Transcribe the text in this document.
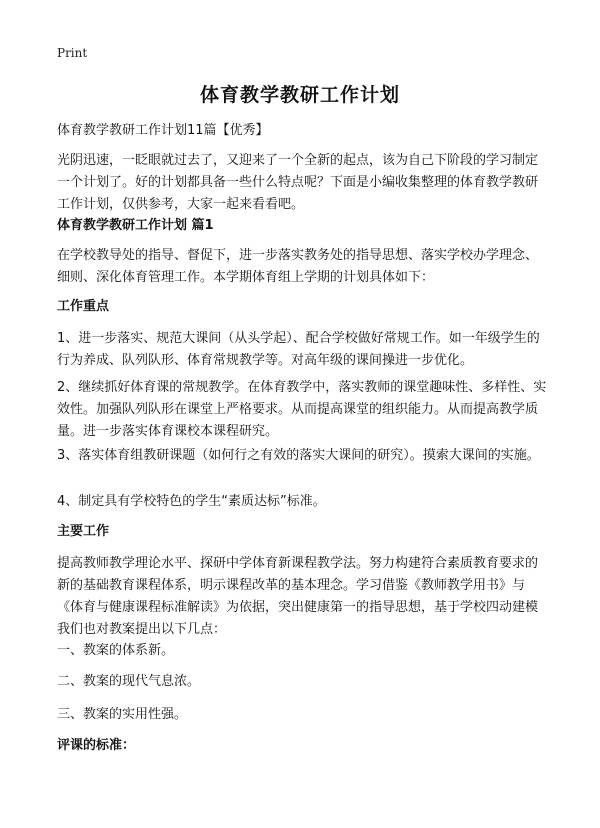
Print
体育教学教研工作计划
体育教学教研工作计划11篇【优秀】
光阴迅速，一眨眼就过去了，又迎来了一个全新的起点，该为自己下阶段的学习制定一个计划了。好的计划都具备一些什么特点呢？下面是小编收集整理的体育教学教研工作计划，仅供参考，大家一起来看看吧。
体育教学教研工作计划 篇1
在学校教导处的指导、督促下，进一步落实教务处的指导思想、落实学校办学理念、细则、深化体育管理工作。本学期体育组上学期的计划具体如下：
工作重点
1、进一步落实、规范大课间（从头学起）、配合学校做好常规工作。如一年级学生的行为养成、队列队形、体育常规教学等。对高年级的课间操进一步优化。
2、继续抓好体育课的常规教学。在体育教学中，落实教师的课堂趣味性、多样性、实效性。加强队列队形在课堂上严格要求。从而提高课堂的组织能力。从而提高教学质量。进一步落实体育课校本课程研究。
3、落实体育组教研课题（如何行之有效的落实大课间的研究）。摸索大课间的实施。
4、制定具有学校特色的学生“素质达标”标准。
主要工作
提高教师教学理论水平、探研中学体育新课程教学法。努力构建符合素质教育要求的新的基础教育课程体系，明示课程改革的基本理念。学习借鉴《教师教学用书》与《体育与健康课程标准解读》为依据，突出健康第一的指导思想，基于学校四动建模我们也对教案提出以下几点：
一、教案的体系新。
二、教案的现代气息浓。
三、教案的实用性强。
评课的标准：
